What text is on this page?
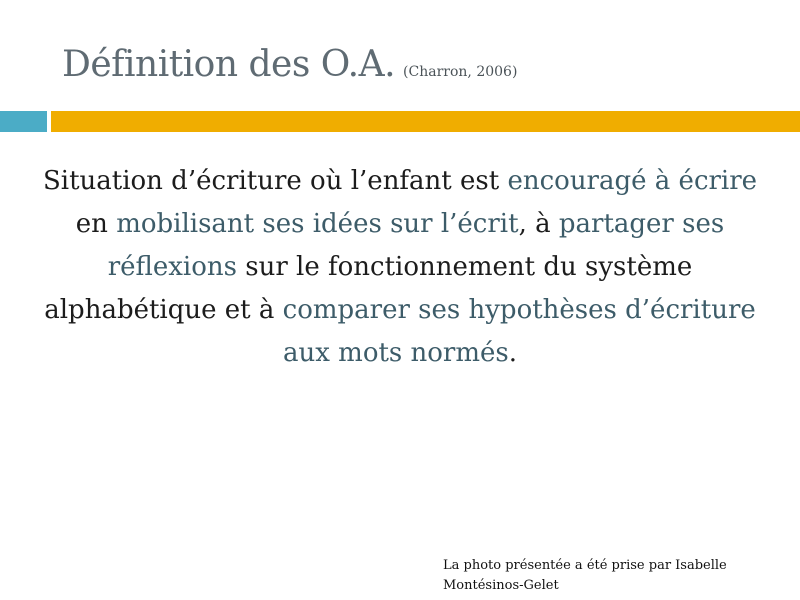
Définition des O.A. (Charron, 2006)
Situation d’écriture où l’enfant est encouragé à écrire en mobilisant ses idées sur l’écrit, à partager ses réflexions sur le fonctionnement du système alphabétique et à comparer ses hypothèses d’écriture aux mots normés.
La photo présentée a été prise par Isabelle
Montésinos-Gelet
